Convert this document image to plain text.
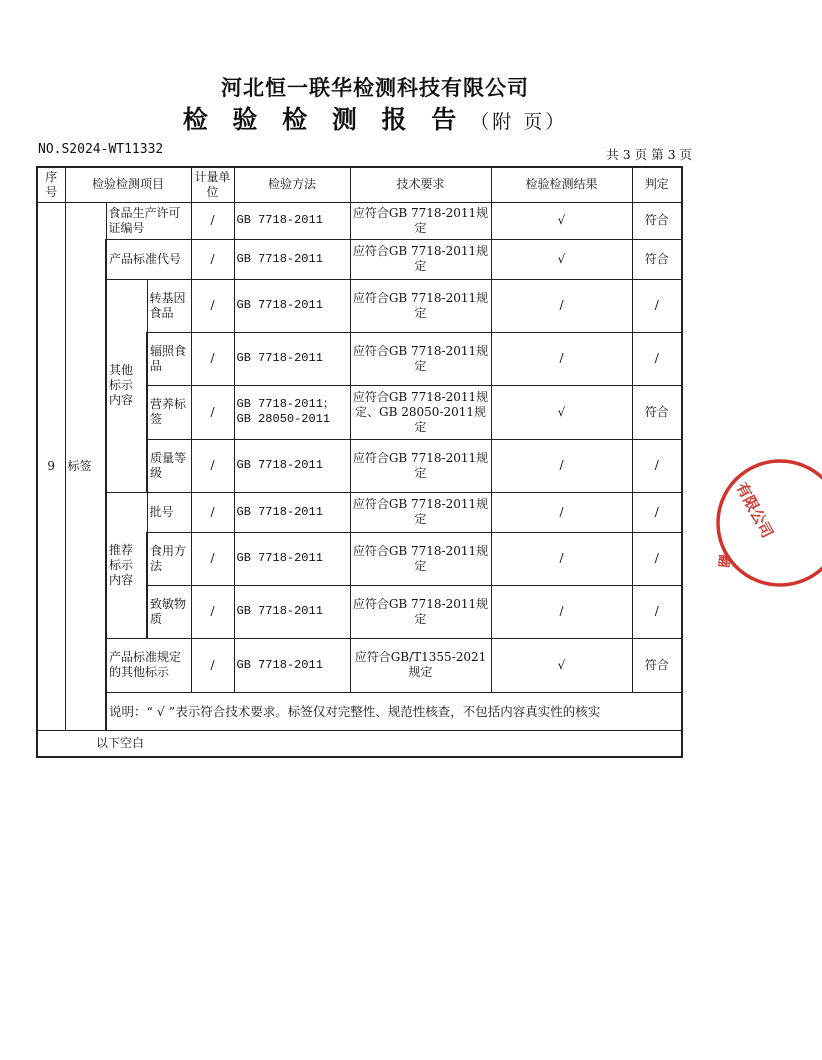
河北恒一联华检测科技有限公司
检 验 检 测 报 告 （附 页）
NO.S2024-WT11332	共 3 页 第 3 页
序号	检验检测项目			计量单位	检验方法	技术要求	检验检测结果	判定
9	标签	食品生产许可证编号		/	GB 7718-2011	应符合GB 7718-2011规定	√	符合
		产品标准代号		/	GB 7718-2011	应符合GB 7718-2011规定	√	符合
		其他标示内容	转基因食品	/	GB 7718-2011	应符合GB 7718-2011规定	/	/
			辐照食品	/	GB 7718-2011	应符合GB 7718-2011规定	/	/
			营养标签	/	GB 7718-2011；GB 28050-2011	应符合GB 7718-2011规定、GB 28050-2011规定	√	符合
			质量等级	/	GB 7718-2011	应符合GB 7718-2011规定	/	/
		推荐标示内容	批号	/	GB 7718-2011	应符合GB 7718-2011规定	/	/
			食用方法	/	GB 7718-2011	应符合GB 7718-2011规定	/	/
			致敏物质	/	GB 7718-2011	应符合GB 7718-2011规定	/	/
		产品标准规定的其他标示		/	GB 7718-2011	应符合GB/T1355-2021规定	√	符合
		说明：“ √ ”表示符合技术要求。标签仅对完整性、规范性核查，不包括内容真实性的核实						
以下空白								
有限公司
翻
